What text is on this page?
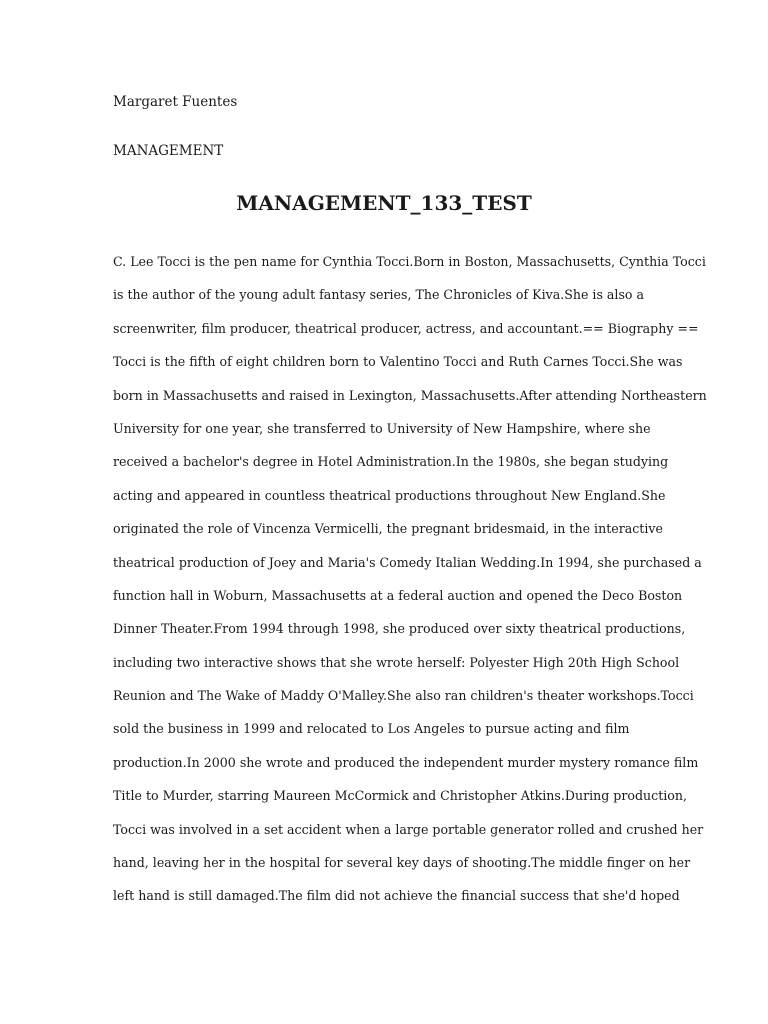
Margaret Fuentes
MANAGEMENT
MANAGEMENT_133_TEST
C. Lee Tocci is the pen name for Cynthia Tocci.Born in Boston, Massachusetts, Cynthia Tocci
is the author of the young adult fantasy series, The Chronicles of Kiva.She is also a
screenwriter, film producer, theatrical producer, actress, and accountant.== Biography ==
Tocci is the fifth of eight children born to Valentino Tocci and Ruth Carnes Tocci.She was
born in Massachusetts and raised in Lexington, Massachusetts.After attending Northeastern
University for one year, she transferred to University of New Hampshire, where she
received a bachelor's degree in Hotel Administration.In the 1980s, she began studying
acting and appeared in countless theatrical productions throughout New England.She
originated the role of Vincenza Vermicelli, the pregnant bridesmaid, in the interactive
theatrical production of Joey and Maria's Comedy Italian Wedding.In 1994, she purchased a
function hall in Woburn, Massachusetts at a federal auction and opened the Deco Boston
Dinner Theater.From 1994 through 1998, she produced over sixty theatrical productions,
including two interactive shows that she wrote herself: Polyester High 20th High School
Reunion and The Wake of Maddy O'Malley.She also ran children's theater workshops.Tocci
sold the business in 1999 and relocated to Los Angeles to pursue acting and film
production.In 2000 she wrote and produced the independent murder mystery romance film
Title to Murder, starring Maureen McCormick and Christopher Atkins.During production,
Tocci was involved in a set accident when a large portable generator rolled and crushed her
hand, leaving her in the hospital for several key days of shooting.The middle finger on her
left hand is still damaged.The film did not achieve the financial success that she'd hoped
